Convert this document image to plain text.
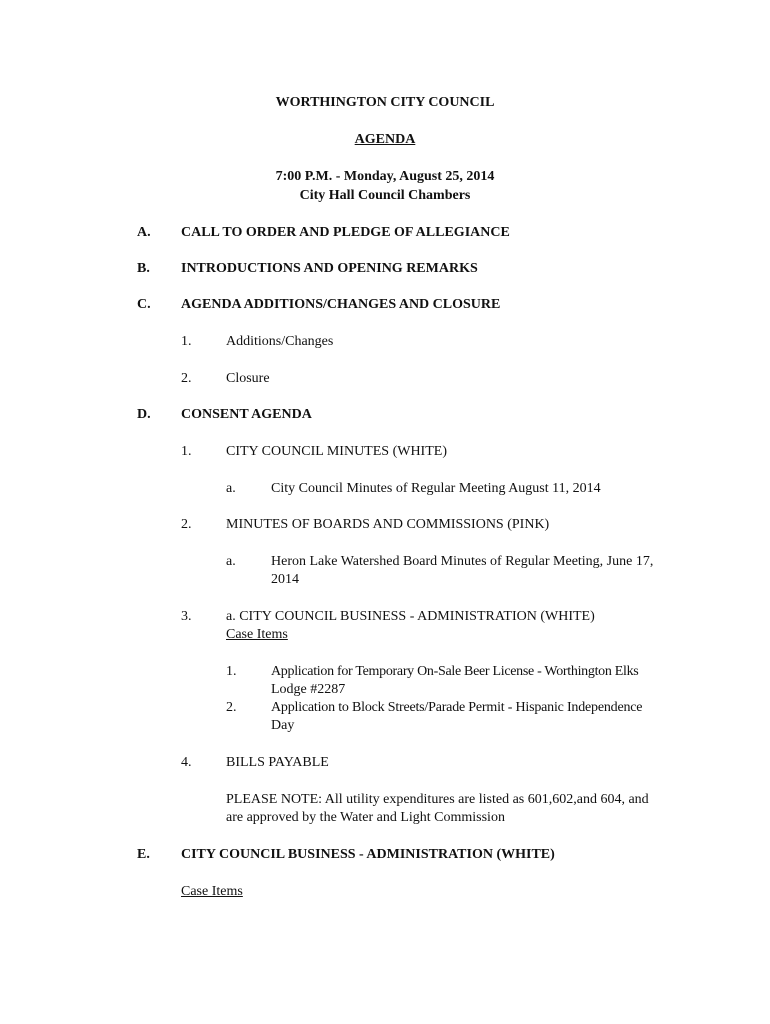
WORTHINGTON CITY COUNCIL
AGENDA
7:00 P.M. - Monday, August 25, 2014
City Hall Council Chambers
A. CALL TO ORDER AND PLEDGE OF ALLEGIANCE
B. INTRODUCTIONS AND OPENING REMARKS
C. AGENDA ADDITIONS/CHANGES AND CLOSURE
1. Additions/Changes
2. Closure
D. CONSENT AGENDA
1. CITY COUNCIL MINUTES (WHITE)
a.	City Council Minutes of Regular Meeting August 11, 2014
2. MINUTES OF BOARDS AND COMMISSIONS (PINK)
a.	Heron Lake Watershed Board Minutes of Regular Meeting, June 17,
2014
3. a. CITY COUNCIL BUSINESS - ADMINISTRATION (WHITE)
Case Items
1. Application for Temporary On-Sale Beer License - Worthington Elks
Lodge #2287
2. Application to Block Streets/Parade Permit - Hispanic Independence
Day
4. BILLS PAYABLE
PLEASE NOTE: All utility expenditures are listed as 601,602,and 604, and
are approved by the Water and Light Commission
E. CITY COUNCIL BUSINESS - ADMINISTRATION (WHITE)
Case Items
